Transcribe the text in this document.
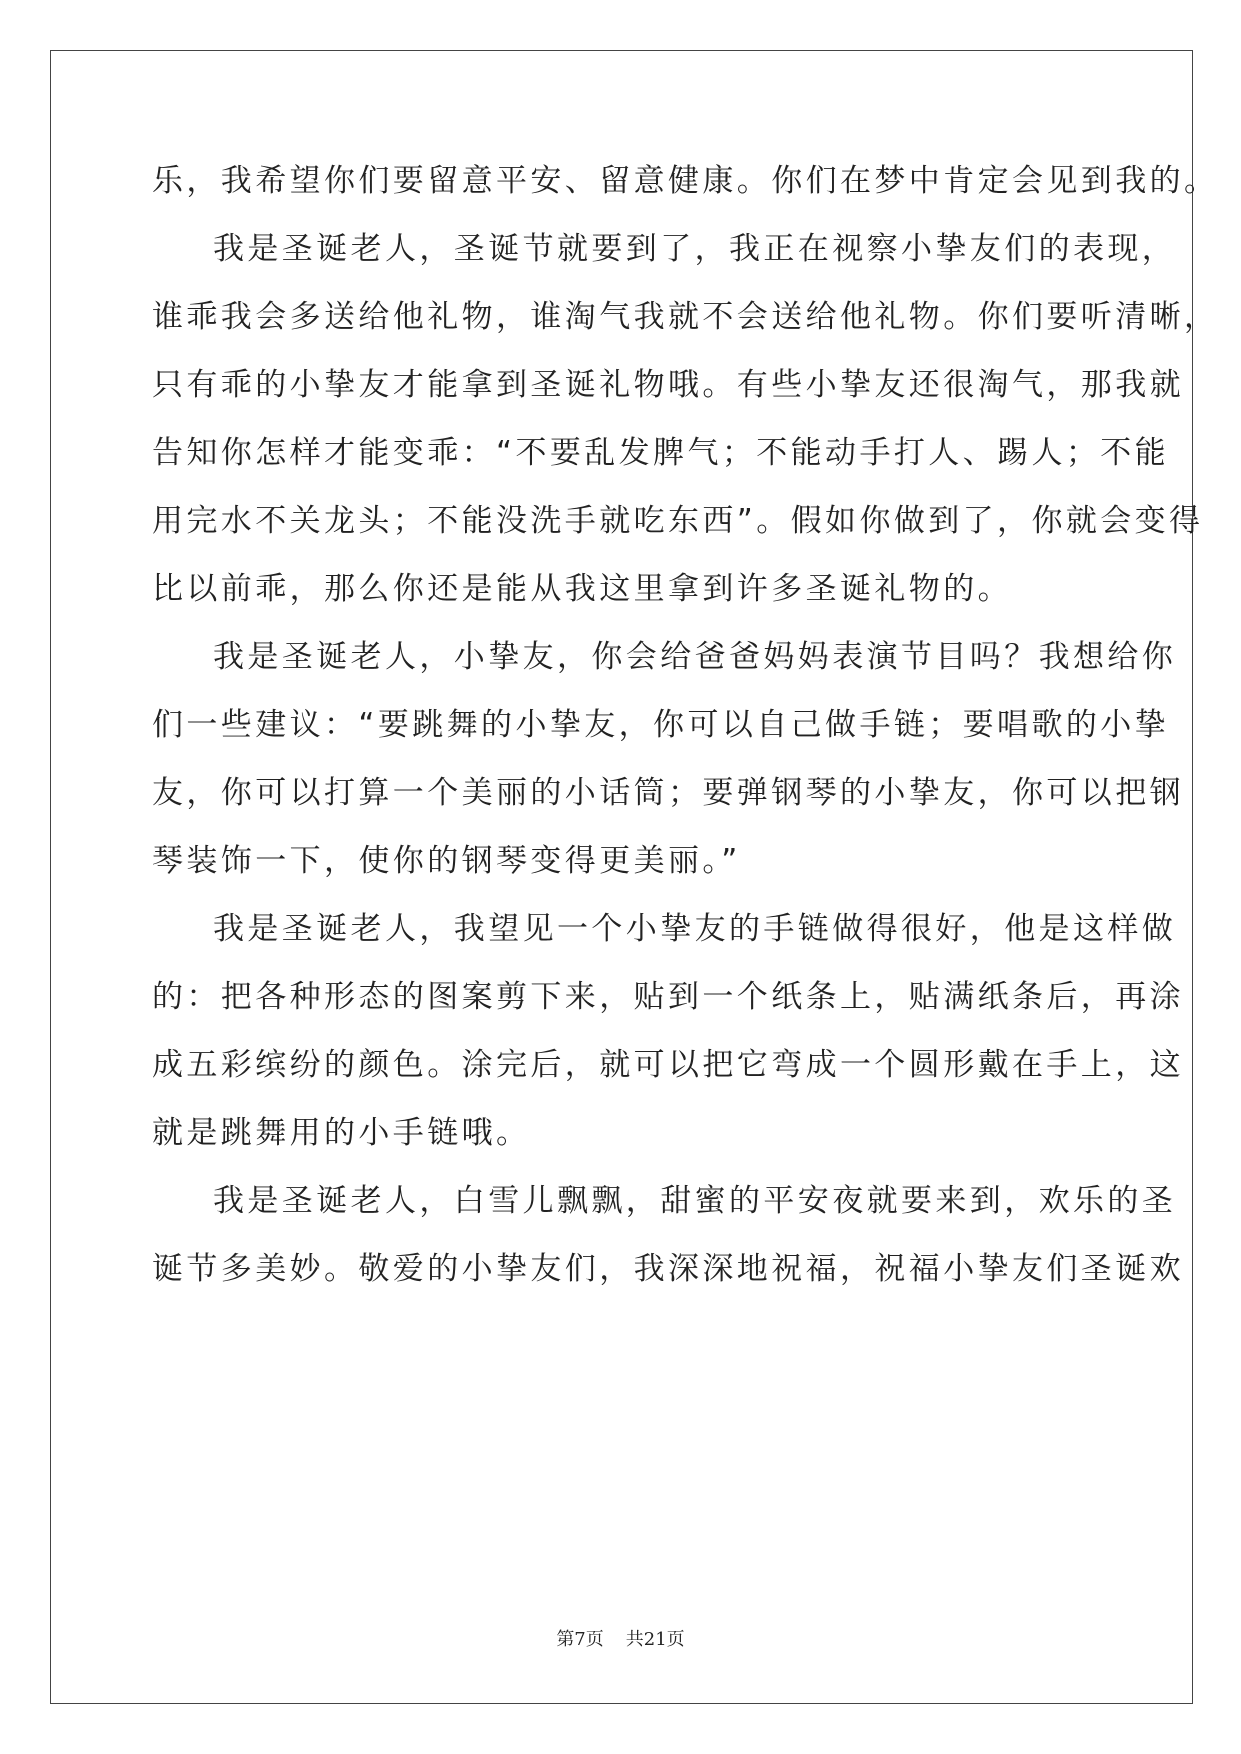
乐，我希望你们要留意平安、留意健康。你们在梦中肯定会见到我的。
我是圣诞老人，圣诞节就要到了，我正在视察小挚友们的表现，
谁乖我会多送给他礼物，谁淘气我就不会送给他礼物。你们要听清晰，
只有乖的小挚友才能拿到圣诞礼物哦。有些小挚友还很淘气，那我就
告知你怎样才能变乖：“不要乱发脾气；不能动手打人、踢人；不能
用完水不关龙头；不能没洗手就吃东西”。假如你做到了，你就会变得
比以前乖，那么你还是能从我这里拿到许多圣诞礼物的。
我是圣诞老人，小挚友，你会给爸爸妈妈表演节目吗？我想给你
们一些建议：“要跳舞的小挚友，你可以自己做手链；要唱歌的小挚
友，你可以打算一个美丽的小话筒；要弹钢琴的小挚友，你可以把钢
琴装饰一下，使你的钢琴变得更美丽。”
我是圣诞老人，我望见一个小挚友的手链做得很好，他是这样做
的：把各种形态的图案剪下来，贴到一个纸条上，贴满纸条后，再涂
成五彩缤纷的颜色。涂完后，就可以把它弯成一个圆形戴在手上，这
就是跳舞用的小手链哦。
我是圣诞老人，白雪儿飘飘，甜蜜的平安夜就要来到，欢乐的圣
诞节多美妙。敬爱的小挚友们，我深深地祝福，祝福小挚友们圣诞欢
第7页 共21页
